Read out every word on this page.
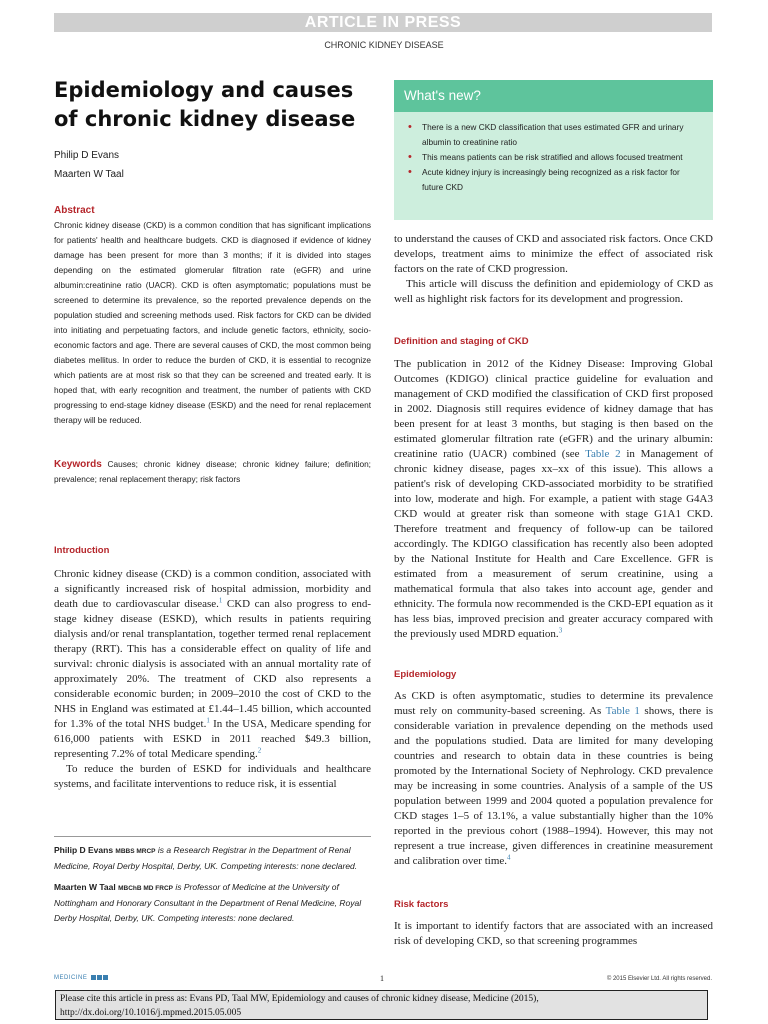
ARTICLE IN PRESS
CHRONIC KIDNEY DISEASE
Epidemiology and causes of chronic kidney disease
Philip D Evans
Maarten W Taal
Abstract

Chronic kidney disease (CKD) is a common condition that has significant implications for patients' health and healthcare budgets. CKD is diagnosed if evidence of kidney damage has been present for more than 3 months; if it is divided into stages depending on the estimated glomerular filtration rate (eGFR) and urine albumin:creatinine ratio (UACR). CKD is often asymptomatic; populations must be screened to determine its prevalence, so the reported prevalence depends on the population studied and screening methods used. Risk factors for CKD can be divided into initiating and perpetuating factors, and include genetic factors, ethnicity, socio-economic factors and age. There are several causes of CKD, the most common being diabetes mellitus. In order to reduce the burden of CKD, it is essential to recognize which patients are at most risk so that they can be screened and treated early. It is hoped that, with early recognition and treatment, the number of patients with CKD progressing to end-stage kidney disease (ESKD) and the need for renal replacement therapy will be reduced.

Keywords Causes; chronic kidney disease; chronic kidney failure; definition; prevalence; renal replacement therapy; risk factors

Introduction

Chronic kidney disease (CKD) is a common condition, associated with a significantly increased risk of hospital admission, morbidity and death due to cardiovascular disease.$^1$ CKD can also progress to end-stage kidney disease (ESKD), which results in patients requiring dialysis and/or renal transplantation, together termed renal replacement therapy (RRT). This has a considerable effect on quality of life and survival: chronic dialysis is associated with an annual mortality rate of approximately 20%. The treatment of CKD also represents a considerable economic burden; in 2009–2010 the cost of CKD to the NHS in England was estimated at £1.44–1.45 billion, which accounted for 1.3% of the total NHS budget.$^1$ In the USA, Medicare spending for 616,000 patients with ESKD in 2011 reached $49.3 billion, representing 7.2% of total Medicare spending.$^2$

To reduce the burden of ESKD for individuals and healthcare systems, and facilitate interventions to reduce risk, it is essential

Philip D Evans MBBS MRCP is a Research Registrar in the Department of Renal Medicine, Royal Derby Hospital, Derby, UK. Competing interests: none declared.

Maarten W Taal MBChB MD FRCP is Professor of Medicine at the University of Nottingham and Honorary Consultant in the Department of Renal Medicine, Royal Derby Hospital, Derby, UK. Competing interests: none declared.

What's new?
• There is a new CKD classification that uses estimated GFR and urinary albumin to creatinine ratio
• This means patients can be risk stratified and allows focused treatment
• Acute kidney injury is increasingly being recognized as a risk factor for future CKD

to understand the causes of CKD and associated risk factors. Once CKD develops, treatment aims to minimize the effect of associated risk factors on the rate of CKD progression.

This article will discuss the definition and epidemiology of CKD as well as highlight risk factors for its development and progression.

Definition and staging of CKD

The publication in 2012 of the Kidney Disease: Improving Global Outcomes (KDIGO) clinical practice guideline for evaluation and management of CKD modified the classification of CKD first proposed in 2002. Diagnosis still requires evidence of kidney damage that has been present for at least 3 months, but staging is then based on the estimated glomerular filtration rate (eGFR) and the urinary albumin: creatinine ratio (UACR) combined (see Table 2 in Management of chronic kidney disease, pages xx–xx of this issue). This allows a patient's risk of developing CKD-associated morbidity to be stratified into low, moderate and high. For example, a patient with stage G4A3 CKD would at greater risk than someone with stage G1A1 CKD. Therefore treatment and frequency of follow-up can be tailored accordingly. The KDIGO classification has recently also been adopted by the National Institute for Health and Care Excellence. GFR is estimated from a measurement of serum creatinine, using a mathematical formula that also takes into account age, gender and ethnicity. The formula now recommended is the CKD-EPI equation as it has less bias, improved precision and greater accuracy compared with the previously used MDRD equation.$^3$

Epidemiology

As CKD is often asymptomatic, studies to determine its prevalence must rely on community-based screening. As Table 1 shows, there is considerable variation in prevalence depending on the methods used and the populations studied. Data are limited for many developing countries and research to obtain data in these countries is being promoted by the International Society of Nephrology. CKD prevalence may be increasing in some countries. Analysis of a sample of the US population between 1999 and 2004 quoted a population prevalence for CKD stages 1–5 of 13.1%, a value substantially higher than the 10% reported in the previous cohort (1988–1994). However, this may not represent a true increase, given differences in creatinine measurement and calibration over time.$^4$

Risk factors

It is important to identify factors that are associated with an increased risk of developing CKD, so that screening programmes

MEDICINE	1	© 2015 Elsevier Ltd. All rights reserved.
Please cite this article in press as: Evans PD, Taal MW, Epidemiology and causes of chronic kidney disease, Medicine (2015), http://dx.doi.org/10.1016/j.mpmed.2015.05.005
